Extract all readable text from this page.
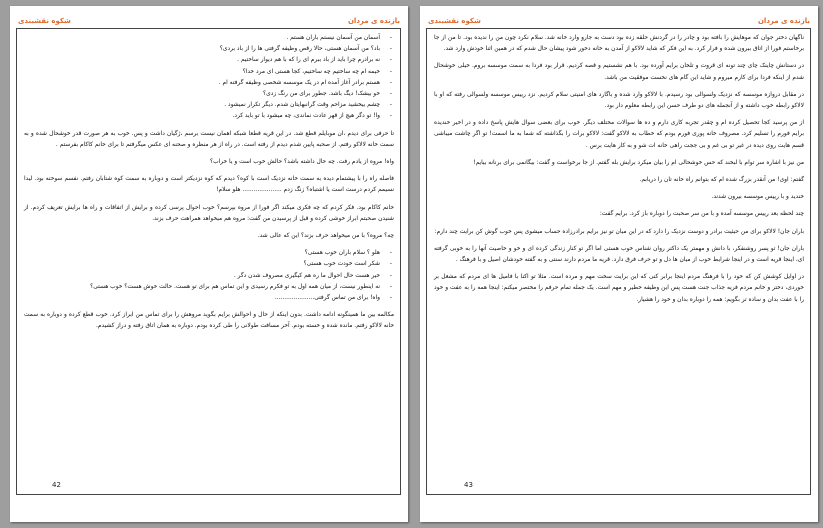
بازنده ی مردان
شکوه نقشبندی
- آسمان من آسمان نیستم باران هستم .
- باد؟ من آسمان هستی، حالا رقص وظیفه گرفتی ها را از باد بردی؟
- نه برادرم چرا باید از باد ببرم ای را که با هم دیوار ساختیم .
- خیمه ام چه ساختیم چه ساختیم، کجا هستی ای مرد خدا؟
- هستم برادر آغاز آمده ام در یک موسسه شخصی وظیفه گرفته ام .
- خو بیشک! دیگ باشد. جطور برای من رنگ زدی؟
- چشم بیخشید مزاحم وقت گرانبهایتان شدم. دیگر تکرار نمیشود .
- وا! تو دگر هیچ از قهر عادت نماندی، چه میشود با تو باید کرد.

تا حرفی برای دیدم ،ان موبایلم قطع شد. در این قریه قطعا شبکه اهمان نیست برسم ،ژگیان داشت و پس. خوب به هر صورت قدر خوشحال شده و به سمت خانه لالاکو رفتم. از صحبه پایین شدم دیدم از رفته است. در راه از هر منظره و صحنه ای عکس میگرفتم تا برای خانم کاکام بفرستم .

واه! مروه از یادم رفت. چه حال داشته باشد؟ حالش خوب است و یا خراب؟

فاصله راه را با پیشتمام دیده به سمت خانه نزدیک است با کوه؟ دیدم که کوه نزدیکتر است و دوباره به سمت کوه شتابان رفتم. نفسم سوخته بود. لیدا نسیمم کردم درست است یا اشتباه؟ زنگ زدم ..................... هلو سلام!

خانم کاکام بود. فکر کردم که چه فکری میکند اگر فورا از مروه بپرسم؟ خوب احوال پرسی کرده و برایش از اتفاقات و راه ها برایش تعریف کردم. از شنیدن صحبتم ابراز خوشی کرده و قبل از پرسیدن من گفت: مروه هم میخواهد همراهت حرف بزند.

چه؟ مروه؟ با من میخواهد حرف بزند؟ این که عالی شد.

- هلو ؟ سلام باران خوب هستی؟
- شکر است خودت خوب هستی؟
- خیر هست حال احوال ما ره هم کیگیری مصروف شدن دگر .
- نه اینطور نیست، از میان همه اول به تو فکرم رسیدی و این تماس هم برای تو هست. حالت خوش هست؟ خوب هستی؟
- واه! برای من تماس گرفتی.....................

مکالمه بین ما همینگونه ادامه داشت. بدون اینکه از حال و احوالش برایم بگوید مروهش را برای تماس من ابراز کرد. خوب قطع کرده و دوباره به سمت خانه لالاکو رفتم. مانده شده و خسته بودم. آخر مسافت طولانی را طی کرده بودم. دوباره به همان اتاق رفته و دراز کشیدم.

42
بازنده ی مردان
شکوه نقشبندی

ناگهان دختر جوان که موهایش را بافته بود و چادر را در گردنش حلقه زده بود دست به جارو وارد خانه شد. سلام نکرد چون من را ندیده بود. تا من از جا برخاستم فورا از اتاق بیرون شده و فرار کرد. به این فکر که شاید لالاکو از آمدن به خانه دخور شود پیشان حال شدم که در همین اثنا خودش وارد شد.

در دستانش چاینک چای چند تونه ای قروت و تلخان برایم آورده بود. با هم نشستیم و قصه کردیم. قرار بود فردا به سمت موسسه بروم. خیلی خوشحال شدم از اینکه فردا برای کارم میروم و شاید این گام های نخست موفقیت من باشد.

در مقابل دروازه موسسه که نزدیک ولسوالی بود رسیدم. با لالاکو وارد شده و باگارد های امنیتی سلام کردیم. نزد رییس موسسه ولسوالی رفته که او با لالاکو رابطه خوب داشته و از آنجمله های دو طرف حسن این رابطه معلوم دار بود.

از من پرسید کجا تحصیل کرده ام و چقدر تجربه کاری دارم و ده ها سوالات مختلف دیگر. خوب برای بعضی سوال هایش پاسخ داده و در اخیر خندیده برایم فورم را تسلیم کرد. مصروف خانه پوری فورم بودم که خطاب به لالاکو گفت: لالاکو برات را بگذاشته که شما به ما اسمت! تو اگر چاشت میباشی قسم هایت روی دیده در غیر تو بی غم و بی ججت راهی خانه ات شو و به کار هایت برس .

من نیز با اشاره سر توام با لبخند که حس خوشحالی ام را بیان میکرد برایش بله گفتم. از جا برخواست و گفت: بیگانمی برای برنانه بیایم!

گفتم: اوی! من آنقدر بزرگ شده ام که بتوانم راه خانه تان را دریابم.

خندید و با رییس موسسه بیرون شدند.

چند لحظه بعد رییس موسسه آمده و با من سر صحبت را دوباره باز کرد. برایم گفت:

باران جان! لالاکو برای من حیثیت برادر و دوست نزدیک را دارد که در این میان تو نیز برایم برادرزاده حساب میشوی پس خوب گوش کن برایت چند دارم:

باران جان! تو پسر روشنفکر، با دانش و مهمتر یک داکتر روان شناس خوب هستی اما اگر تو کنار زندگی کرده ای و خو و خاصیت آنها را به خوبی گرفته ای، اینجا قریه است و در اینجا شرایط خوب از میان ها دل و تو حرف فرق دارد. قریه ما مردم دارند سنتی و به گفته خودشان اصیل و با فرهنگ .

در اوایل کوشش کن که خود را با فرهنگ مردم اینجا برابر کنی که این برایت سخت مهم و مرده است. مثلا تو اکنا با فامیل ها ای مردم که مشغل بر خوردی، دختر و خانم مردم فریه جذاب جنت هست پس این وظیفه خطیر و مهم است. یک جمله تمام حرفم را مختصر میکنم: اینجا همه را به عفت و خود را با عفت بدان و ساده تر بگویم: همه را دوباره بدان و خود را هشیار.

43
